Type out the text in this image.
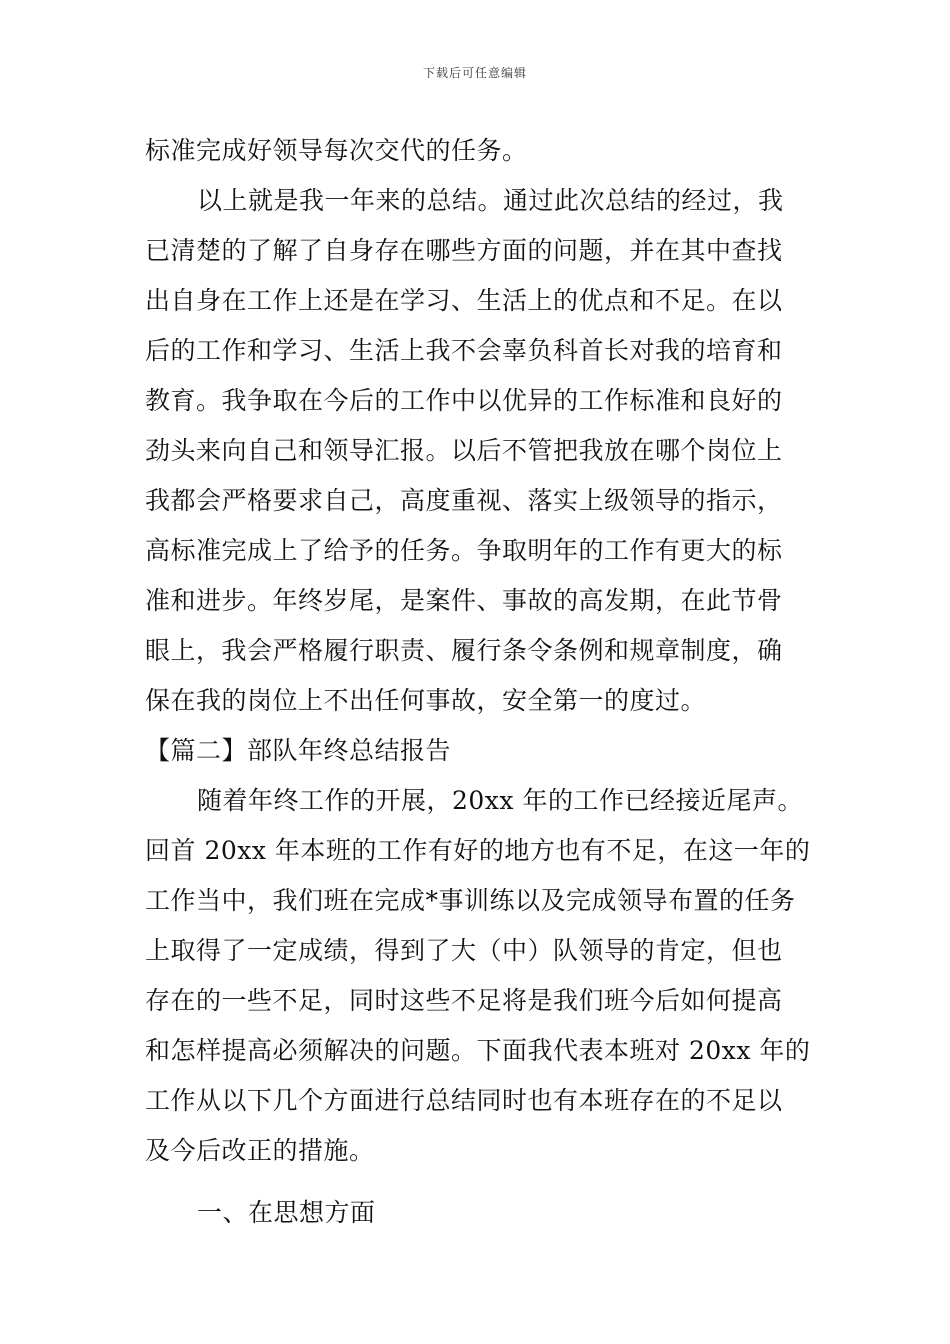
下载后可任意编辑
标准完成好领导每次交代的任务。
以上就是我一年来的总结。通过此次总结的经过，我
已清楚的了解了自身存在哪些方面的问题，并在其中查找
出自身在工作上还是在学习、生活上的优点和不足。在以
后的工作和学习、生活上我不会辜负科首长对我的培育和
教育。我争取在今后的工作中以优异的工作标准和良好的
劲头来向自己和领导汇报。以后不管把我放在哪个岗位上
我都会严格要求自己，高度重视、落实上级领导的指示，
高标准完成上了给予的任务。争取明年的工作有更大的标
准和进步。年终岁尾，是案件、事故的高发期，在此节骨
眼上，我会严格履行职责、履行条令条例和规章制度，确
保在我的岗位上不出任何事故，安全第一的度过。
【篇二】部队年终总结报告
随着年终工作的开展，20xx 年的工作已经接近尾声。
回首 20xx 年本班的工作有好的地方也有不足，在这一年的
工作当中，我们班在完成*事训练以及完成领导布置的任务
上取得了一定成绩，得到了大（中）队领导的肯定，但也
存在的一些不足，同时这些不足将是我们班今后如何提高
和怎样提高必须解决的问题。下面我代表本班对 20xx 年的
工作从以下几个方面进行总结同时也有本班存在的不足以
及今后改正的措施。
一、在思想方面
